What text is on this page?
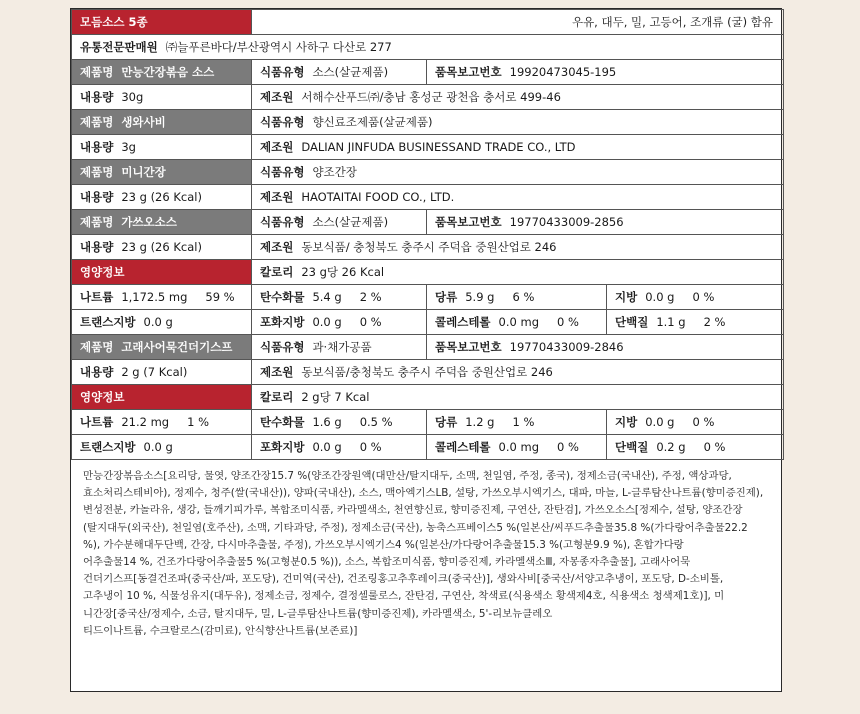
모듬소스 5종	우유, 대두, 밀, 고등어, 조개류 (굴) 함유		
유통전문판매원 ㈜늘푸른바다/부산광역시 사하구 다산로 277			
제품명 만능간장볶음 소스	식품유형 소스(살균제품)	품목보고번호 19920473045-195	
내용량 30g	제조원 서해수산푸드㈜/충남 홍성군 광천읍 충서로 499-46		
제품명 생와사비	식품유형 향신료조제품(살균제품)		
내용량 3g	제조원 DALIAN JINFUDA BUSINESSAND TRADE CO., LTD		
제품명 미니간장	식품유형 양조간장		
내용량 23 g (26 Kcal)	제조원 HAOTAITAI FOOD CO., LTD.		
제품명 가쓰오소스	식품유형 소스(살균제품)	품목보고번호 19770433009-2856	
내용량 23 g (26 Kcal)	제조원 동보식품/ 충청북도 충주시 주덕읍 중원산업로 246		
영양정보	칼로리 23 g당 26 Kcal		
나트륨 1,172.5 mg 59 %	탄수화물 5.4 g 2 %	당류 5.9 g 6 %	지방 0.0 g 0 %
트랜스지방 0.0 g	포화지방 0.0 g 0 %	콜레스테롤 0.0 mg 0 %	단백질 1.1 g 2 %
제품명 고래사어묵건더기스프	식품유형 과·채가공품	품목보고번호 19770433009-2846	
내용량 2 g (7 Kcal)	제조원 동보식품/충청북도 충주시 주덕읍 중원산업로 246		
영양정보	칼로리 2 g당 7 Kcal		
나트륨 21.2 mg 1 %	탄수화물 1.6 g 0.5 %	당류 1.2 g 1 %	지방 0.0 g 0 %
트랜스지방 0.0 g	포화지방 0.0 g 0 %	콜레스테롤 0.0 mg 0 %	단백질 0.2 g 0 %
만능간장볶음소스[요리당, 물엿, 양조간장15.7 %(양조간장원액(대만산/탈지대두, 소맥, 천일염, 주정, 종국), 정제소금(국내산), 주정, 액상과당,
효소처리스테비아), 정제수, 청주(쌀(국내산)), 양파(국내산), 소스, 맥아엑기스LB, 설탕, 가쓰오부시엑기스, 대파, 마늘, L-글루탐산나트륨(향미증진제),
변성전분, 카놀라유, 생강, 들깨기피가루, 복합조미식품, 카라멜색소, 천연향신료, 향미증진제, 구연산, 잔탄검], 가쓰오소스[정제수, 설탕, 양조간장
(탈지대두(외국산), 천일염(호주산), 소맥, 기타과당, 주정), 정제소금(국산), 농축스프베이스5 %(일본산/씨푸드추출물35.8 %(가다랑어추출물22.2
%), 가수분해대두단백, 간장, 다시마추출물, 주정), 가쓰오부시엑기스4 %(일본산/가다랑어추출물15.3 %(고형분9.9 %), 혼합가다랑
어추출물14 %, 건조가다랑어추출물5 %(고형분0.5 %)), 소스, 복합조미식품, 향미증진제, 카라멜색소Ⅲ, 자몽종자추출물], 고래사어묵
건더기스프[동결건조파(중국산/파, 포도당), 건미역(국산), 건조링홍고추후레이크(중국산)], 생와사비[중국산/서양고추냉이, 포도당, D-소비톨,
고추냉이 10 %, 식물성유지(대두유), 정제소금, 정제수, 결정셀룰로스, 잔탄검, 구연산, 착색료(식용색소 황색제4호, 식용색소 청색제1호)], 미
니간장[중국산/정제수, 소금, 탈지대두, 밀, L-글루탐산나트륨(향미증진제), 카라멜색소, 5'-리보뉴클레오
티드이나트륨, 수크랄로스(감미료), 안식향산나트륨(보존료)]
